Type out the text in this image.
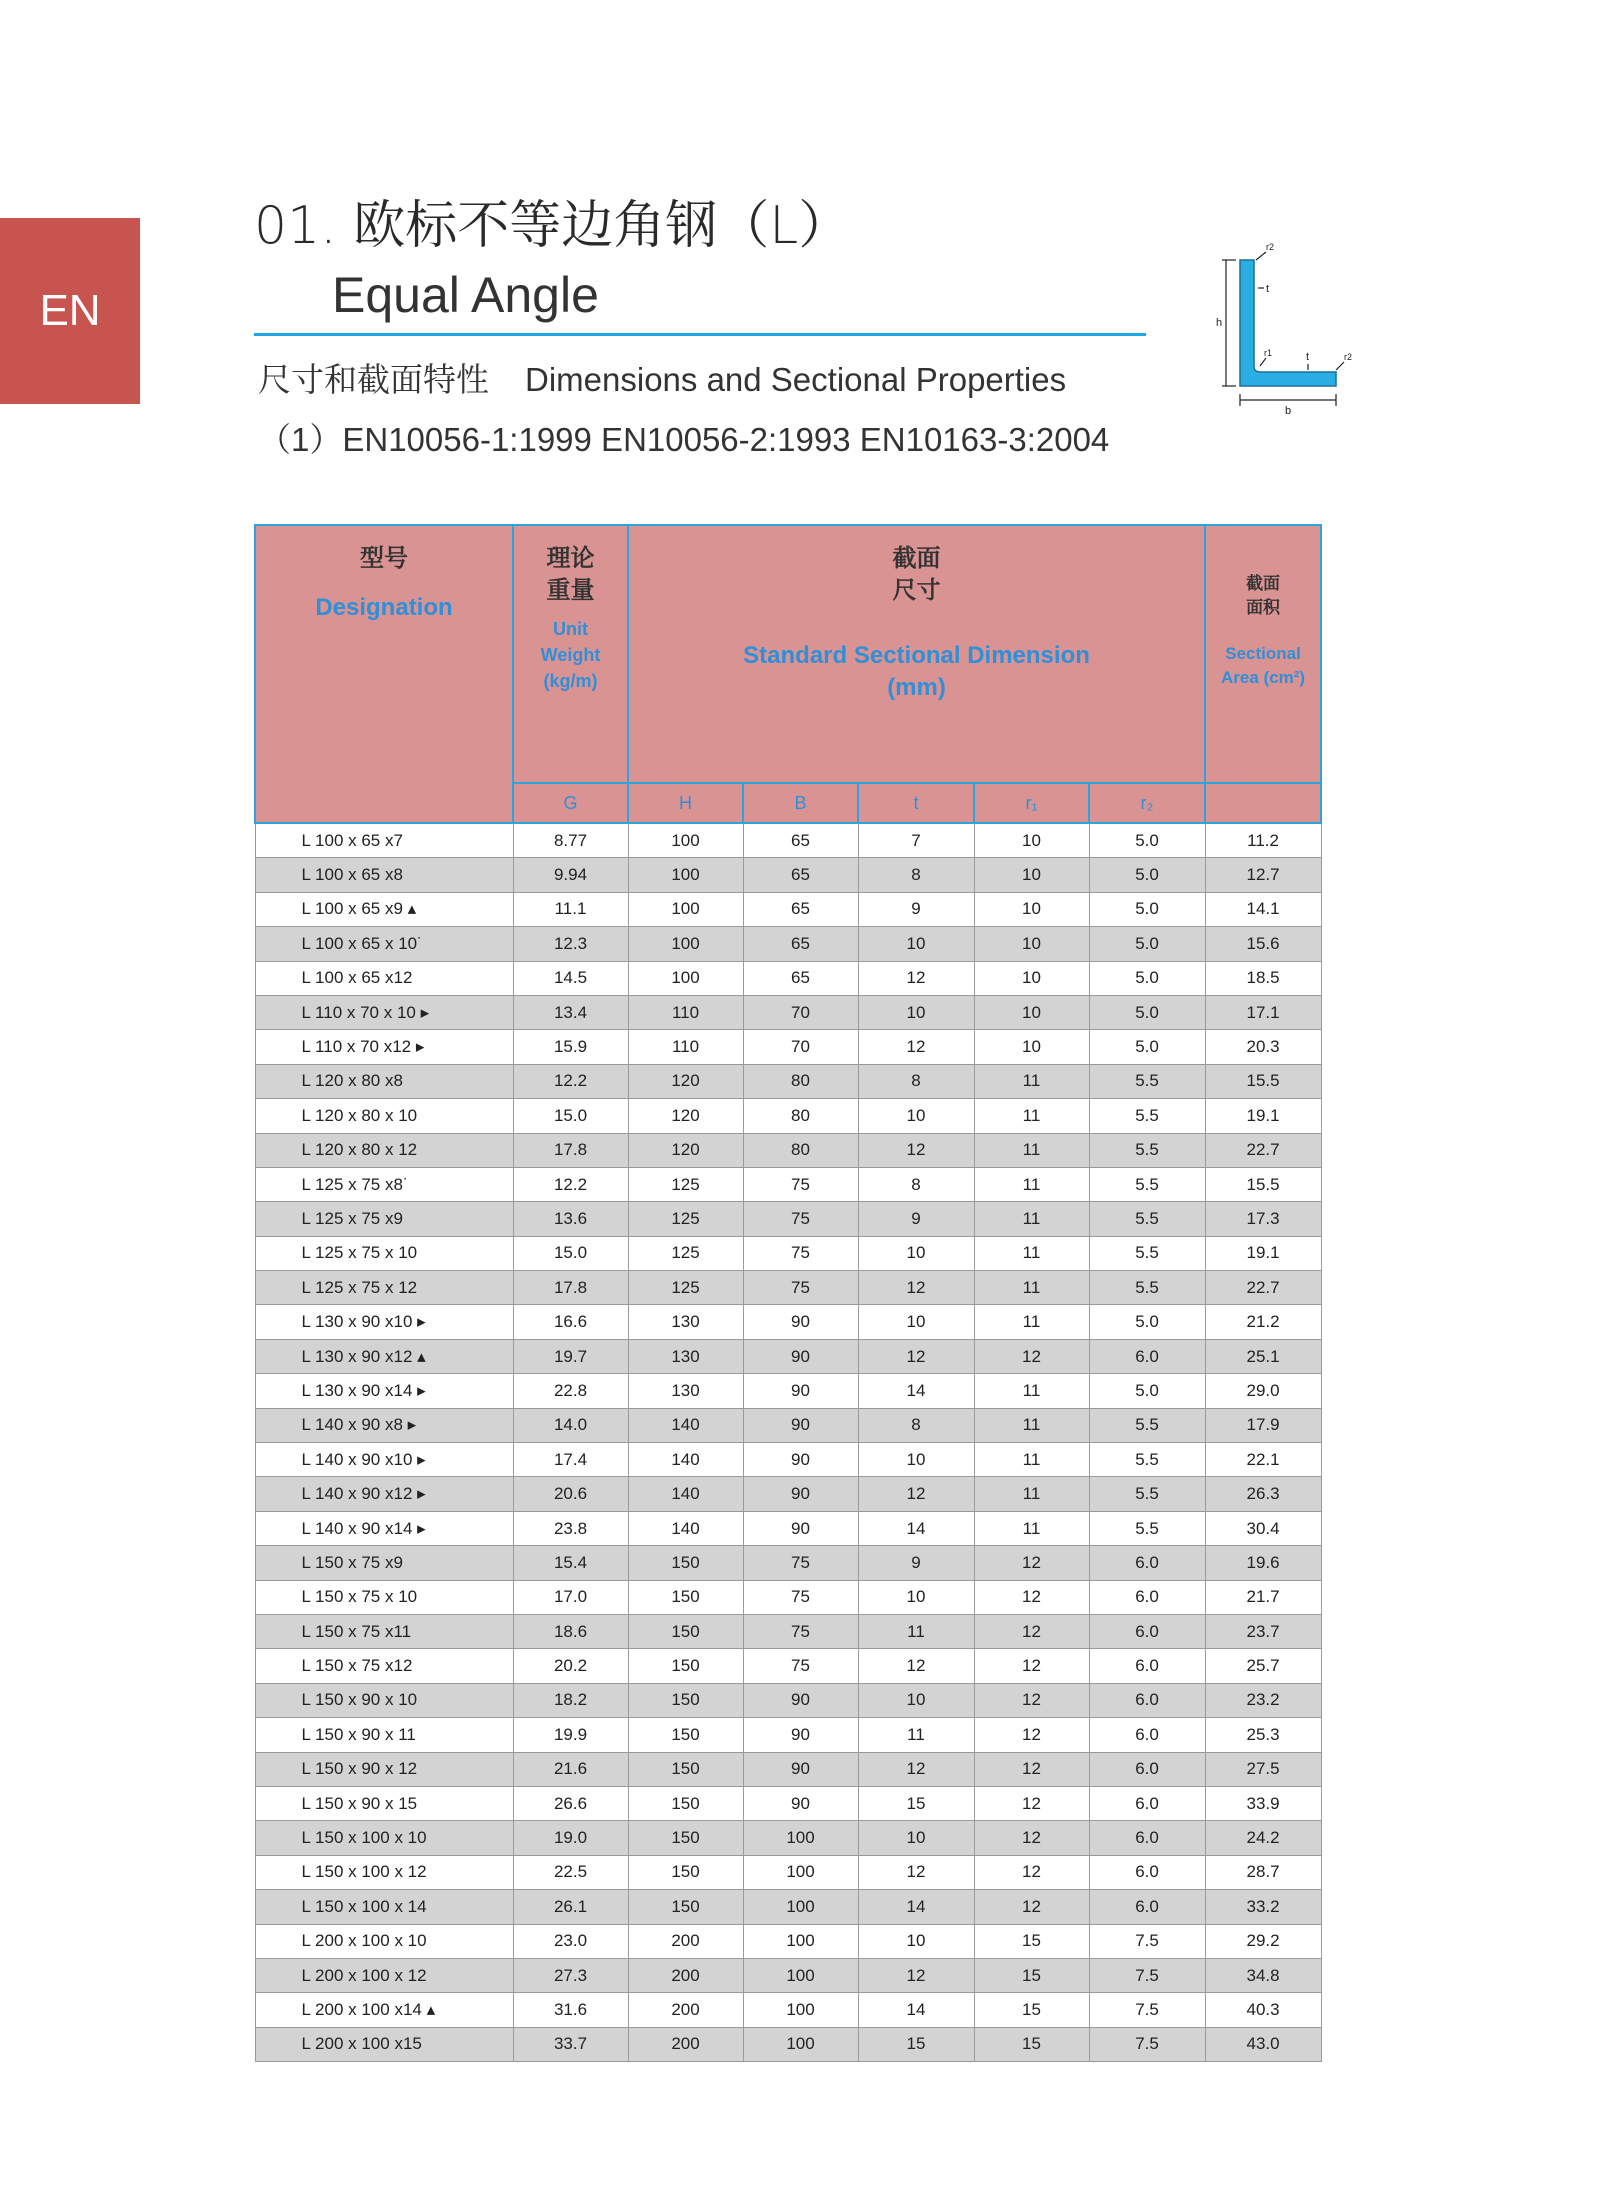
EN
01. 欧标不等边角钢（L）
Equal Angle
尺寸和截面特性 Dimensions and Sectional Properties
（1）EN10056-1:1999 EN10056-2:1993 EN10163-3:2004
h
b
t
t
r1
r2
r2
型号
Designation	理论
重量
Unit
Weight
(kg/m)	截面
尺寸
Standard Sectional Dimension
(mm)					截面
面积
Sectional
Area (cm²)

	G	H	B	t	r₁	r₂	
L 100 x 65 x7	8.77	100	65	7	10	5.0	11.2
L 100 x 65 x8	9.94	100	65	8	10	5.0	12.7
L 100 x 65 x9 ▴	11.1	100	65	9	10	5.0	14.1
L 100 x 65 x 10˙	12.3	100	65	10	10	5.0	15.6
L 100 x 65 x12	14.5	100	65	12	10	5.0	18.5
L 110 x 70 x 10 ▸	13.4	110	70	10	10	5.0	17.1
L 110 x 70 x12 ▸	15.9	110	70	12	10	5.0	20.3
L 120 x 80 x8	12.2	120	80	8	11	5.5	15.5
L 120 x 80 x 10	15.0	120	80	10	11	5.5	19.1
L 120 x 80 x 12	17.8	120	80	12	11	5.5	22.7
L 125 x 75 x8˙	12.2	125	75	8	11	5.5	15.5
L 125 x 75 x9	13.6	125	75	9	11	5.5	17.3
L 125 x 75 x 10	15.0	125	75	10	11	5.5	19.1
L 125 x 75 x 12	17.8	125	75	12	11	5.5	22.7
L 130 x 90 x10 ▸	16.6	130	90	10	11	5.0	21.2
L 130 x 90 x12 ▴	19.7	130	90	12	12	6.0	25.1
L 130 x 90 x14 ▸	22.8	130	90	14	11	5.0	29.0
L 140 x 90 x8 ▸	14.0	140	90	8	11	5.5	17.9
L 140 x 90 x10 ▸	17.4	140	90	10	11	5.5	22.1
L 140 x 90 x12 ▸	20.6	140	90	12	11	5.5	26.3
L 140 x 90 x14 ▸	23.8	140	90	14	11	5.5	30.4
L 150 x 75 x9	15.4	150	75	9	12	6.0	19.6
L 150 x 75 x 10	17.0	150	75	10	12	6.0	21.7
L 150 x 75 x11	18.6	150	75	11	12	6.0	23.7
L 150 x 75 x12	20.2	150	75	12	12	6.0	25.7
L 150 x 90 x 10	18.2	150	90	10	12	6.0	23.2
L 150 x 90 x 11	19.9	150	90	11	12	6.0	25.3
L 150 x 90 x 12	21.6	150	90	12	12	6.0	27.5
L 150 x 90 x 15	26.6	150	90	15	12	6.0	33.9
L 150 x 100 x 10	19.0	150	100	10	12	6.0	24.2
L 150 x 100 x 12	22.5	150	100	12	12	6.0	28.7
L 150 x 100 x 14	26.1	150	100	14	12	6.0	33.2
L 200 x 100 x 10	23.0	200	100	10	15	7.5	29.2
L 200 x 100 x 12	27.3	200	100	12	15	7.5	34.8
L 200 x 100 x14 ▴	31.6	200	100	14	15	7.5	40.3
L 200 x 100 x15	33.7	200	100	15	15	7.5	43.0
